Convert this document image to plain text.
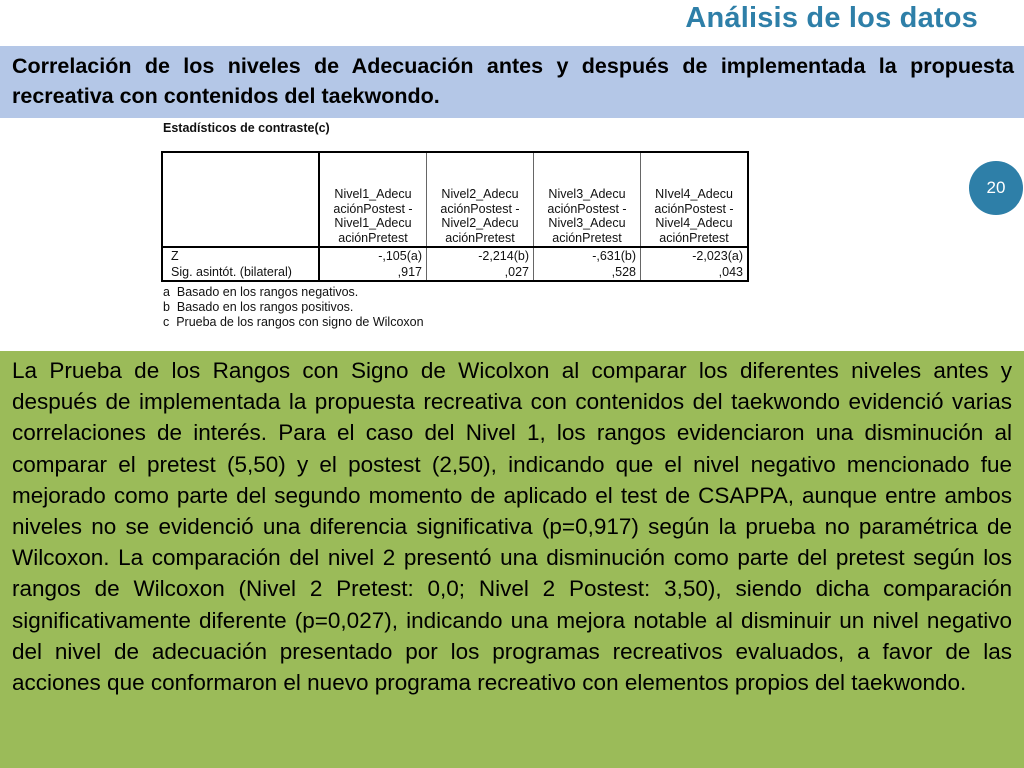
Análisis de los datos

Correlación de los niveles de Adecuación antes y después de implementada la propuesta recreativa con contenidos del taekwondo.

20
Estadísticos de contraste(c)
	Nivel1_Adecu aciónPostest - Nivel1_Adecu aciónPretest	Nivel2_Adecu aciónPostest - Nivel2_Adecu aciónPretest	Nivel3_Adecu aciónPostest - Nivel3_Adecu aciónPretest	NIvel4_Adecu aciónPostest - Nivel4_Adecu aciónPretest
Z	-,105(a)	-2,214(b)	-,631(b)	-2,023(a)
Sig. asintót. (bilateral)	,917	,027	,528	,043
a  Basado en los rangos negativos.
b  Basado en los rangos positivos.
c  Prueba de los rangos con signo de Wilcoxon

La Prueba de los Rangos con Signo de Wicolxon al comparar los diferentes niveles antes y después de implementada la propuesta recreativa con contenidos del taekwondo evidenció varias correlaciones de interés. Para el caso del Nivel 1, los rangos evidenciaron una disminución al comparar el pretest (5,50) y el postest (2,50), indicando que el nivel negativo mencionado fue mejorado como parte del segundo momento de aplicado el test de CSAPPA, aunque entre ambos niveles no se evidenció una diferencia significativa (p=0,917) según la prueba no paramétrica de Wilcoxon. La comparación del nivel 2 presentó una disminución como parte del pretest según los rangos de Wilcoxon (Nivel 2 Pretest: 0,0; Nivel 2 Postest: 3,50), siendo dicha comparación significativamente diferente (p=0,027), indicando una mejora notable al disminuir un nivel negativo del nivel de adecuación presentado por los programas recreativos evaluados, a favor de las acciones que conformaron el nuevo programa recreativo con elementos propios del taekwondo.
